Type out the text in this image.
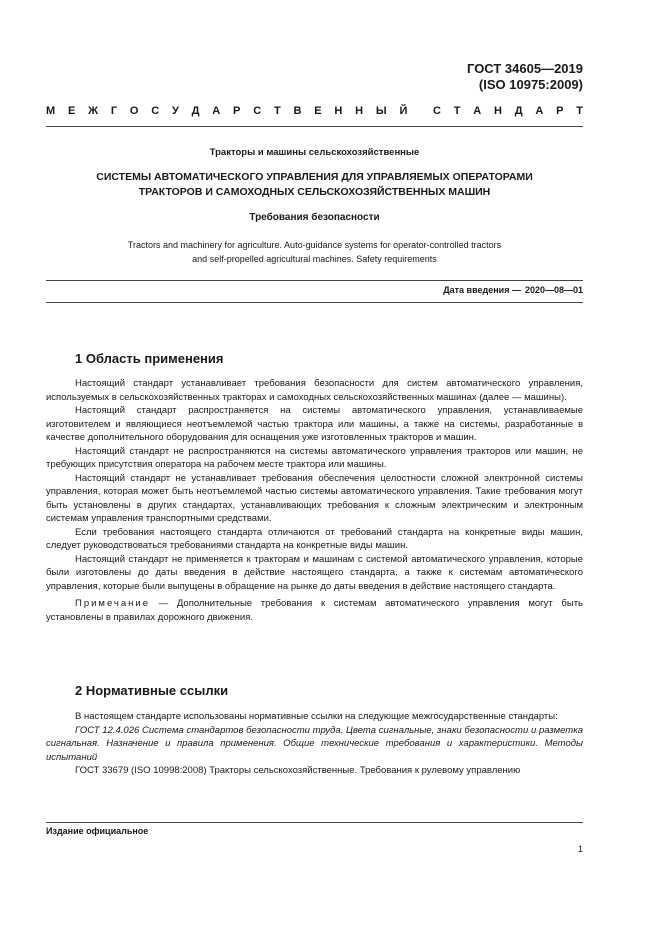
ГОСТ 34605—2019
(ISO 10975:2009)
М Е Ж Г О С У Д А Р С Т В Е Н Н Ы Й С Т А Н Д А Р Т
Тракторы и машины сельскохозяйственные
СИСТЕМЫ АВТОМАТИЧЕСКОГО УПРАВЛЕНИЯ ДЛЯ УПРАВЛЯЕМЫХ ОПЕРАТОРАМИ
ТРАКТОРОВ И САМОХОДНЫХ СЕЛЬСКОХОЗЯЙСТВЕННЫХ МАШИН
Требования безопасности
Tractors and machinery for agriculture. Auto-guidance systems for operator-controlled tractors
and self-propelled agricultural machines. Safety requirements
Дата введения — 2020—08—01
1 Область применения

Настоящий стандарт устанавливает требования безопасности для систем автоматического управления, используемых в сельскохозяйственных тракторах и самоходных сельскохозяйственных машинах (далее — машины).

Настоящий стандарт распространяется на системы автоматического управления, устанавливаемые изготовителем и являющиеся неотъемлемой частью трактора или машины, а также на системы, разработанные в качестве дополнительного оборудования для оснащения уже изготовленных тракторов и машин.

Настоящий стандарт не распространяются на системы автоматического управления тракторов или машин, не требующих присутствия оператора на рабочем месте трактора или машины.

Настоящий стандарт не устанавливает требования обеспечения целостности сложной электронной системы управления, которая может быть неотъемлемой частью системы автоматического управления. Такие требования могут быть установлены в других стандартах, устанавливающих требования к сложным электрическим и электронным системам управления транспортными средствами.

Если требования настоящего стандарта отличаются от требований стандарта на конкретные виды машин, следует руководствоваться требованиями стандарта на конкретные виды машин.

Настоящий стандарт не применяется к тракторам и машинам с системой автоматического управления, которые были изготовлены до даты введения в действие настоящего стандарта, а также к системам автоматического управления, которые были выпущены в обращение на рынке до даты введения в действие настоящего стандарта.

Примечание — Дополнительные требования к системам автоматического управления могут быть установлены в правилах дорожного движения.

2 Нормативные ссылки

В настоящем стандарте использованы нормативные ссылки на следующие межгосударственные стандарты:

ГОСТ 12.4.026 Система стандартов безопасности труда. Цвета сигнальные, знаки безопасности и разметка сигнальная. Назначение и правила применения. Общие технические требования и характеристики. Методы испытаний

ГОСТ 33679 (ISO 10998:2008) Тракторы сельскохозяйственные. Требования к рулевому управлению

Издание официальное
1
